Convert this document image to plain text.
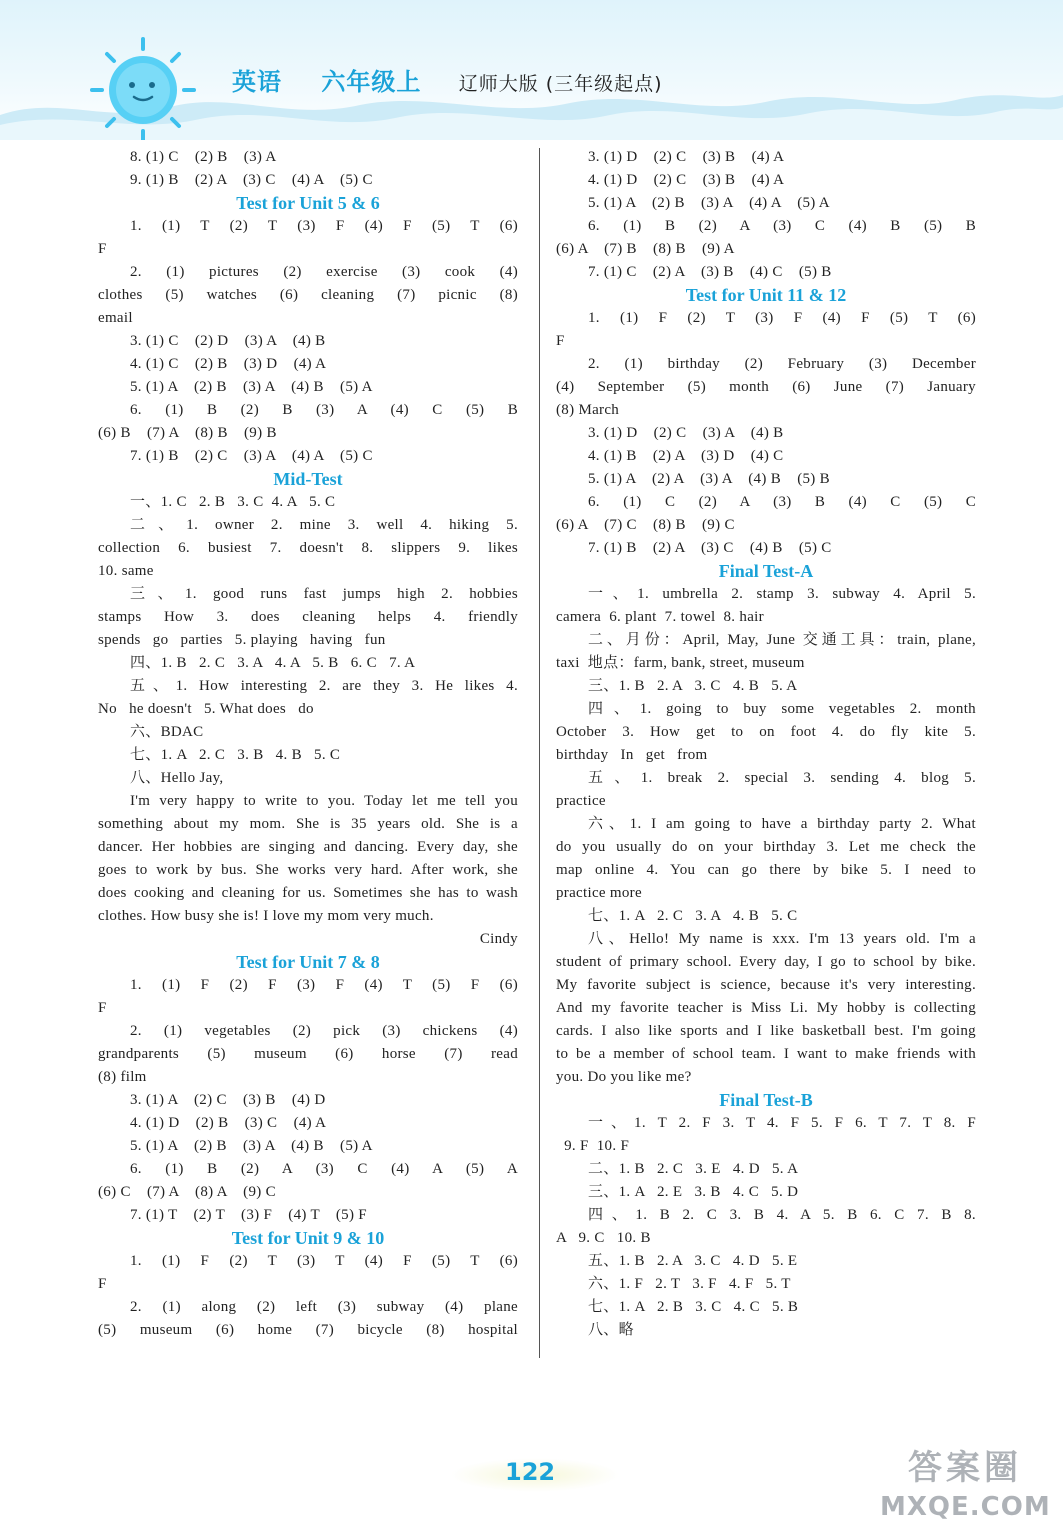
英语 六年级上 辽师大版 (三年级起点)
8. (1) C    (2) B    (3) A
9. (1) B    (2) A    (3) C    (4) A    (5) C
Test for Unit 5 & 6
1. (1) T (2) T (3) F (4) F (5) T (6)
F
2. (1) pictures (2) exercise (3) cook (4)
clothes (5) watches (6) cleaning (7) picnic (8)
email
3. (1) C    (2) D    (3) A    (4) B
4. (1) C    (2) B    (3) D    (4) A
5. (1) A    (2) B    (3) A    (4) B    (5) A
6. (1) B (2) B (3) A (4) C (5) B
(6) B    (7) A    (8) B    (9) B
7. (1) B    (2) C    (3) A    (4) A    (5) C
Mid-Test
一、1. C   2. B   3. C  4. A   5. C
二、1. owner 2. mine 3. well 4. hiking 5.
collection 6. busiest 7. doesn't 8. slippers 9. likes
10. same
三、1. good runs fast jumps high 2. hobbies
stamps How 3. does cleaning helps 4. friendly
spends   go   parties   5. playing   having   fun
四、1. B   2. C   3. A   4. A   5. B   6. C   7. A
五、1. How interesting 2. are they 3. He likes 4.
No   he doesn't   5. What does   do
六、BDAC
七、1. A   2. C   3. B   4. B   5. C
八、Hello Jay,
I'm very happy to write to you. Today let me tell you
something about my mom. She is 35 years old. She is a
dancer. Her hobbies are singing and dancing. Every day, she
goes to work by bus. She works very hard. After work, she
does cooking and cleaning for us. Sometimes she has to wash
clothes. How busy she is! I love my mom very much.
Cindy
Test for Unit 7 & 8
1. (1) F (2) F (3) F (4) T (5) F (6)
F
2. (1) vegetables (2) pick (3) chickens (4)
grandparents (5) museum (6) horse (7) read
(8) film
3. (1) A    (2) C    (3) B    (4) D
4. (1) D    (2) B    (3) C    (4) A
5. (1) A    (2) B    (3) A    (4) B    (5) A
6. (1) B (2) A (3) C (4) A (5) A
(6) C    (7) A    (8) A    (9) C
7. (1) T    (2) T    (3) F    (4) T    (5) F
Test for Unit 9 & 10
1. (1) F (2) T (3) T (4) F (5) T (6)
F
2. (1) along (2) left (3) subway (4) plane
(5) museum (6) home (7) bicycle (8) hospital
3. (1) D    (2) C    (3) B    (4) A
4. (1) D    (2) C    (3) B    (4) A
5. (1) A    (2) B    (3) A    (4) A    (5) A
6. (1) B (2) A (3) C (4) B (5) B
(6) A    (7) B    (8) B    (9) A
7. (1) C    (2) A    (3) B    (4) C    (5) B
Test for Unit 11 & 12
1. (1) F (2) T (3) F (4) F (5) T (6)
F
2. (1) birthday (2) February (3) December
(4) September (5) month (6) June (7) January
(8) March
3. (1) D    (2) C    (3) A    (4) B
4. (1) B    (2) A    (3) D    (4) C
5. (1) A    (2) A    (3) A    (4) B    (5) B
6. (1) C (2) A (3) B (4) C (5) C
(6) A    (7) C    (8) B    (9) C
7. (1) B    (2) A    (3) C    (4) B    (5) C
Final Test-A
一、1. umbrella 2. stamp 3. subway 4. April 5.
camera  6. plant  7. towel  8. hair
二、月份：April, May, June 交通工具：train, plane,
taxi  地点：farm, bank, street, museum
三、1. B   2. A   3. C   4. B   5. A
四、1. going to buy some vegetables 2. month
October 3. How get to on foot 4. do fly kite 5.
birthday   In   get   from
五、1. break 2. special 3. sending 4. blog 5.
practice
六、1. I am going to have a birthday party 2. What
do you usually do on your birthday 3. Let me check the
map online 4. You can go there by bike 5. I need to
practice more
七、1. A   2. C   3. A   4. B   5. C
八、Hello! My name is xxx. I'm 13 years old. I'm a
student of primary school. Every day, I go to school by bike.
My favorite subject is science, because it's very interesting.
And my favorite teacher is Miss Li. My hobby is collecting
cards. I also like sports and I like basketball best. I'm going
to be a member of school team. I want to make friends with
you. Do you like me?
Final Test-B
一、1. T 2. F 3. T 4. F 5. F 6. T 7. T 8. F
9. F  10. F
二、1. B   2. C   3. E   4. D   5. A
三、1. A   2. E   3. B   4. C   5. D
四、1. B 2. C 3. B 4. A 5. B 6. C 7. B 8.
A   9. C   10. B
五、1. B   2. A   3. C   4. D   5. E
六、1. F   2. T   3. F   4. F   5. T
七、1. A   2. B   3. C   4. C   5. B
八、略
122	答案圈
MXQE.COM
